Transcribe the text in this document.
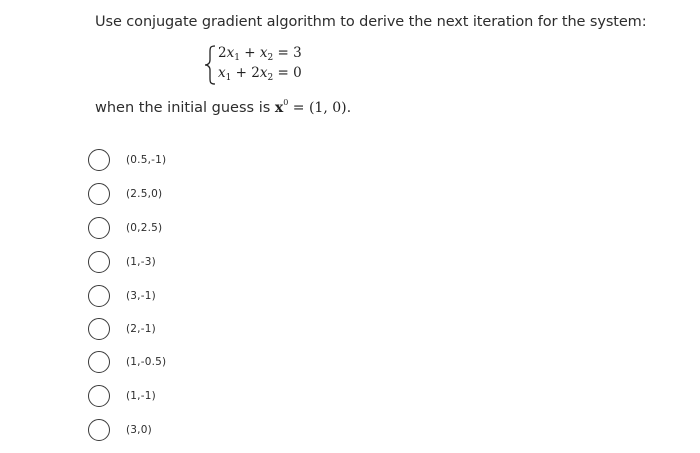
Use conjugate gradient algorithm to derive the next iteration for the system:
$2x_1 + x_2 = 3$
$x_1 + 2x_2 = 0$
when the initial guess is $x^0 = (1$, 0).
(0.5,-1)
(2.5,0)
(0,2.5)
(1,-3)
(3,-1)
(2,-1)
(1,-0.5)
(1,-1)
(3,0)
